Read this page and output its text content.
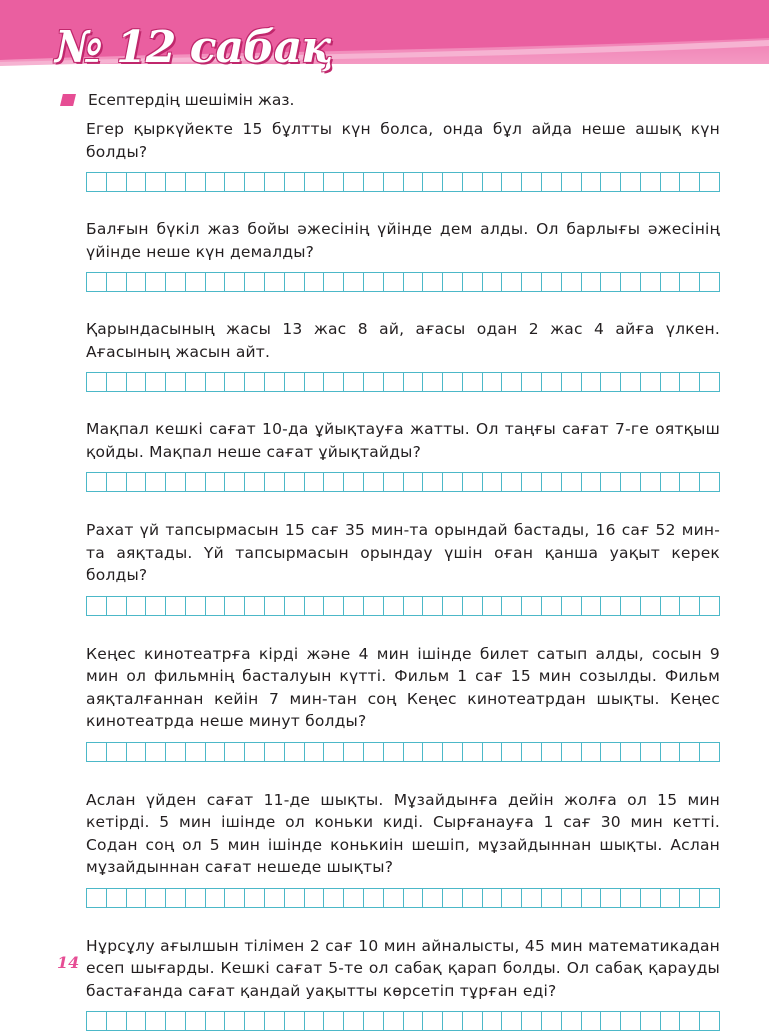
№ 12 сабақ
Есептердің шешімін жаз.

Егер қыркүйекте 15 бұлтты күн болса, онда бұл айда неше ашық күн болды?

Балғын бүкіл жаз бойы әжесінің үйінде дем алды. Ол барлығы әжесінің үйінде неше күн демалды?

Қарындасының жасы 13 жас 8 ай, ағасы одан 2 жас 4 айға үлкен. Ағасының жасын айт.

Мақпал кешкі сағат 10-да ұйықтауға жатты. Ол таңғы сағат 7-ге оятқыш қойды. Мақпал неше сағат ұйықтайды?

Рахат үй тапсырмасын 15 сағ 35 мин-та орындай бастады, 16 сағ 52 мин-та аяқтады. Үй тапсырмасын орындау үшін оған қанша уақыт керек болды?

Кеңес кинотеатрға кірді және 4 мин ішінде билет сатып алды, сосын 9 мин ол фильмнің басталуын күтті. Фильм 1 сағ 15 мин созылды. Фильм аяқталғаннан кейін 7 мин-тан соң Кеңес кинотеатрдан шықты. Кеңес кинотеатрда неше минут болды?

Аслан үйден сағат 11-де шықты. Мұзайдынға дейін жолға ол 15 мин кетірді. 5 мин ішінде ол коньки киді. Сырғанауға 1 сағ 30 мин кетті. Содан соң ол 5 мин ішінде конькиін шешіп, мұзайдыннан шықты. Аслан мұзайдыннан сағат нешеде шықты?

Нұрсұлу ағылшын тілімен 2 сағ 10 мин айналысты, 45 мин математикадан есеп шығарды. Кешкі сағат 5-те ол сабақ қарап болды. Ол сабақ қарауды бастағанда сағат қандай уақытты көрсетіп тұрған еді?

14
